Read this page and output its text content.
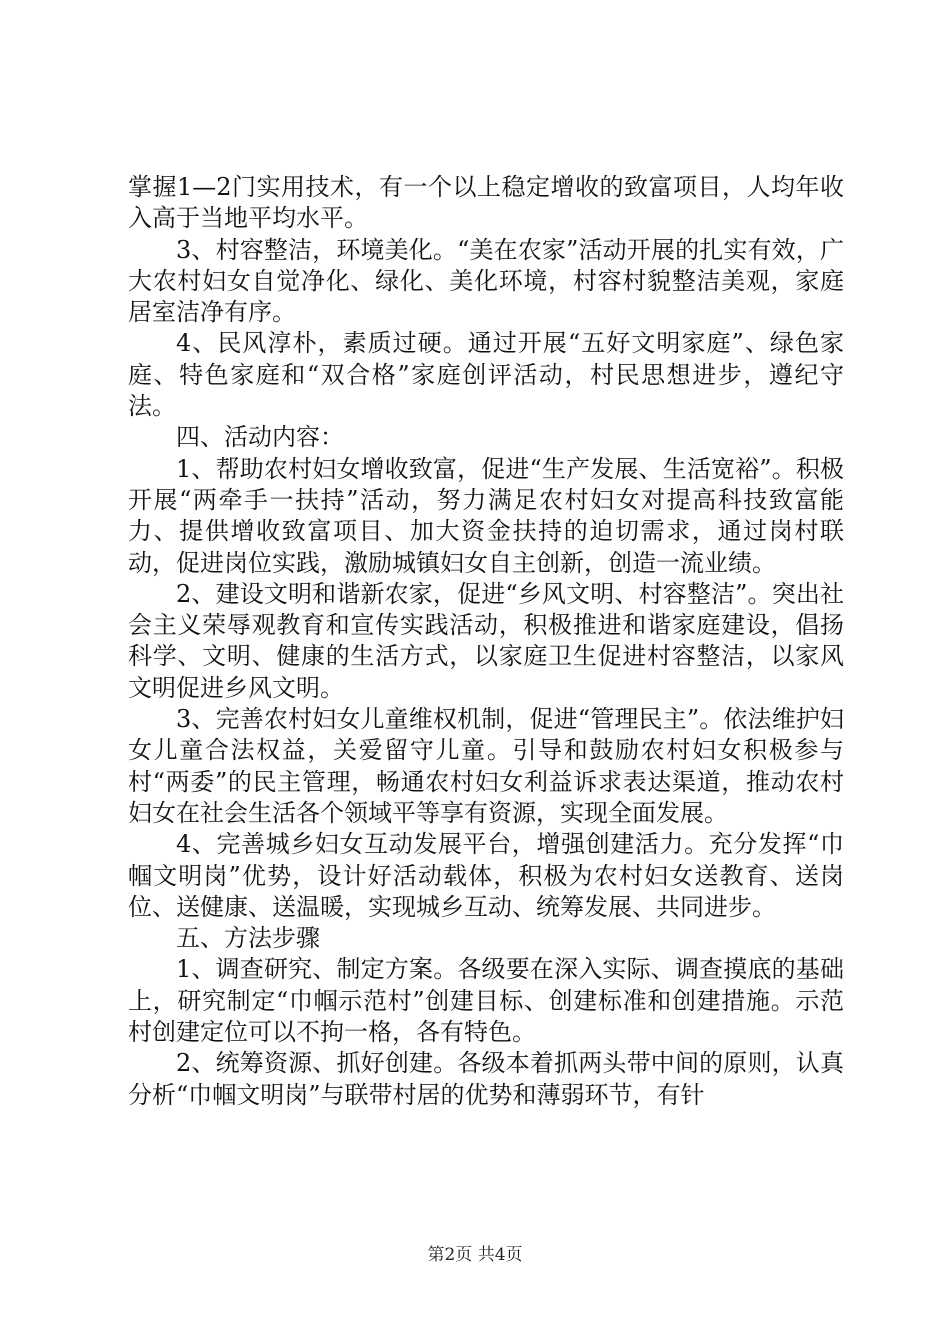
掌握1—2门实用技术，有一个以上稳定增收的致富项目，人均年收入高于当地平均水平。

3、村容整洁，环境美化。“美在农家”活动开展的扎实有效，广大农村妇女自觉净化、绿化、美化环境，村容村貌整洁美观，家庭居室洁净有序。

4、民风淳朴，素质过硬。通过开展“五好文明家庭”、绿色家庭、特色家庭和“双合格”家庭创评活动，村民思想进步，遵纪守法。

四、活动内容：

1、帮助农村妇女增收致富，促进“生产发展、生活宽裕”。积极开展“两牵手一扶持”活动，努力满足农村妇女对提高科技致富能力、提供增收致富项目、加大资金扶持的迫切需求，通过岗村联动，促进岗位实践，激励城镇妇女自主创新，创造一流业绩。

2、建设文明和谐新农家，促进“乡风文明、村容整洁”。突出社会主义荣辱观教育和宣传实践活动，积极推进和谐家庭建设，倡扬科学、文明、健康的生活方式，以家庭卫生促进村容整洁，以家风文明促进乡风文明。

3、完善农村妇女儿童维权机制，促进“管理民主”。依法维护妇女儿童合法权益，关爱留守儿童。引导和鼓励农村妇女积极参与村“两委”的民主管理，畅通农村妇女利益诉求表达渠道，推动农村妇女在社会生活各个领域平等享有资源，实现全面发展。

4、完善城乡妇女互动发展平台，增强创建活力。充分发挥“巾帼文明岗”优势，设计好活动载体，积极为农村妇女送教育、送岗位、送健康、送温暖，实现城乡互动、统筹发展、共同进步。

五、方法步骤

1、调查研究、制定方案。各级要在深入实际、调查摸底的基础上，研究制定“巾帼示范村”创建目标、创建标准和创建措施。示范村创建定位可以不拘一格，各有特色。

2、统筹资源、抓好创建。各级本着抓两头带中间的原则，认真分析“巾帼文明岗”与联带村居的优势和薄弱环节，有针

第2页 共4页
